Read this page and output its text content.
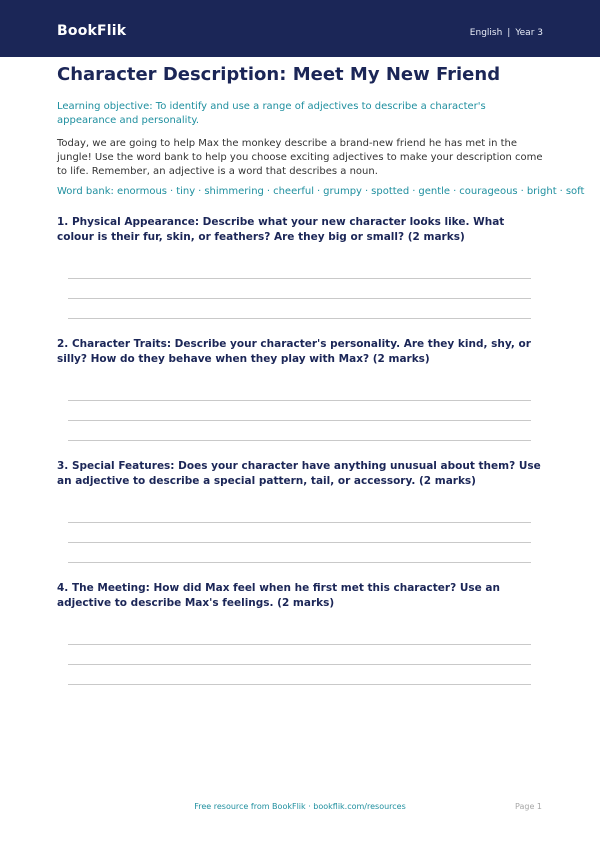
BookFlik	English | Year 3
Character Description: Meet My New Friend

Learning objective: To identify and use a range of adjectives to describe a character's appearance and personality.

Today, we are going to help Max the monkey describe a brand-new friend he has met in the jungle! Use the word bank to help you choose exciting adjectives to make your description come to life. Remember, an adjective is a word that describes a noun.

Word bank: enormous · tiny · shimmering · cheerful · grumpy · spotted · gentle · courageous · bright · soft

1. Physical Appearance: Describe what your new character looks like. What colour is their fur, skin, or feathers? Are they big or small? (2 marks)

2. Character Traits: Describe your character's personality. Are they kind, shy, or silly? How do they behave when they play with Max? (2 marks)

3. Special Features: Does your character have anything unusual about them? Use an adjective to describe a special pattern, tail, or accessory. (2 marks)

4. The Meeting: How did Max feel when he first met this character? Use an adjective to describe Max's feelings. (2 marks)

Free resource from BookFlik · bookflik.com/resources	Page 1
